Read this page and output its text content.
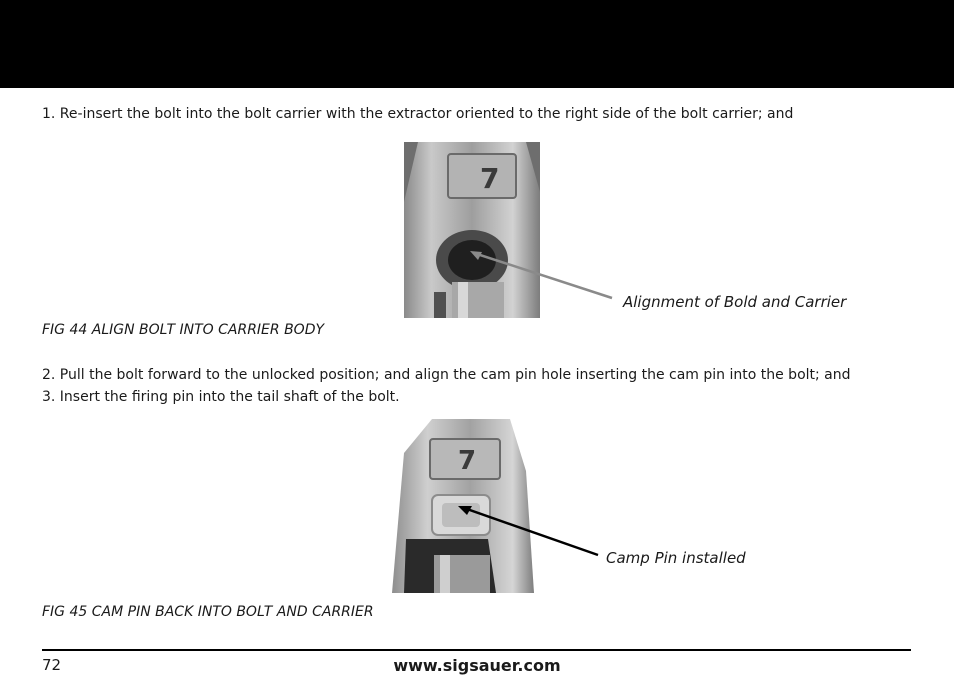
1. Re-insert the bolt into the bolt carrier with the extractor oriented to the right side of the bolt carrier; and
7
Alignment of Bold and Carrier
FIG 44 ALIGN BOLT INTO CARRIER BODY
2. Pull the bolt forward to the unlocked position; and align the cam pin hole inserting the cam pin into the bolt; and
3. Insert the firing pin into the tail shaft of the bolt.
7
Camp Pin installed
FIG 45 CAM PIN BACK INTO BOLT AND CARRIER
72	www.sigsauer.com
